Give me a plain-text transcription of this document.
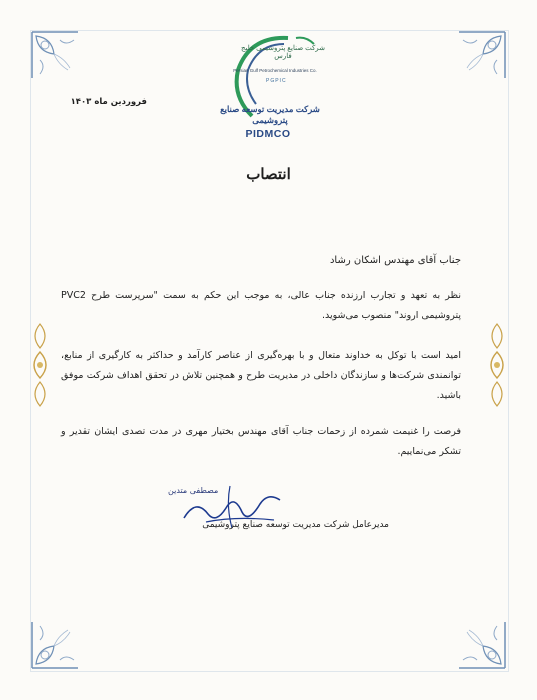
Persian Gulf Petrochemical Industries Co.
PGPIC
شرکت صنایع پتروشیمی خلیج فارس
شرکت مدیریت توسعه صنایع پتروشیمی
PIDMCO
فروردین ماه ۱۴۰۳
انتصاب
جناب آقای مهندس اشکان رشاد
نظر به تعهد و تجارب ارزنده جناب عالی، به موجب این حکم به سمت "سرپرست طرح PVC2 پتروشیمی اروند" منصوب می‌شوید.
امید است با توکل به خداوند متعال و با بهره‌گیری از عناصر کارآمد و حداکثر به کارگیری از منابع، توانمندی شرکت‌ها و سازندگان داخلی در مدیریت طرح و همچنین تلاش در تحقق اهداف شرکت موفق باشید.
فرصت را غنیمت شمرده از زحمات جناب آقای مهندس بختیار مهری در مدت تصدی ایشان تقدیر و تشکر می‌نماییم.
مصطفی متدین
مدیرعامل شرکت مدیریت توسعه صنایع پتروشیمی
